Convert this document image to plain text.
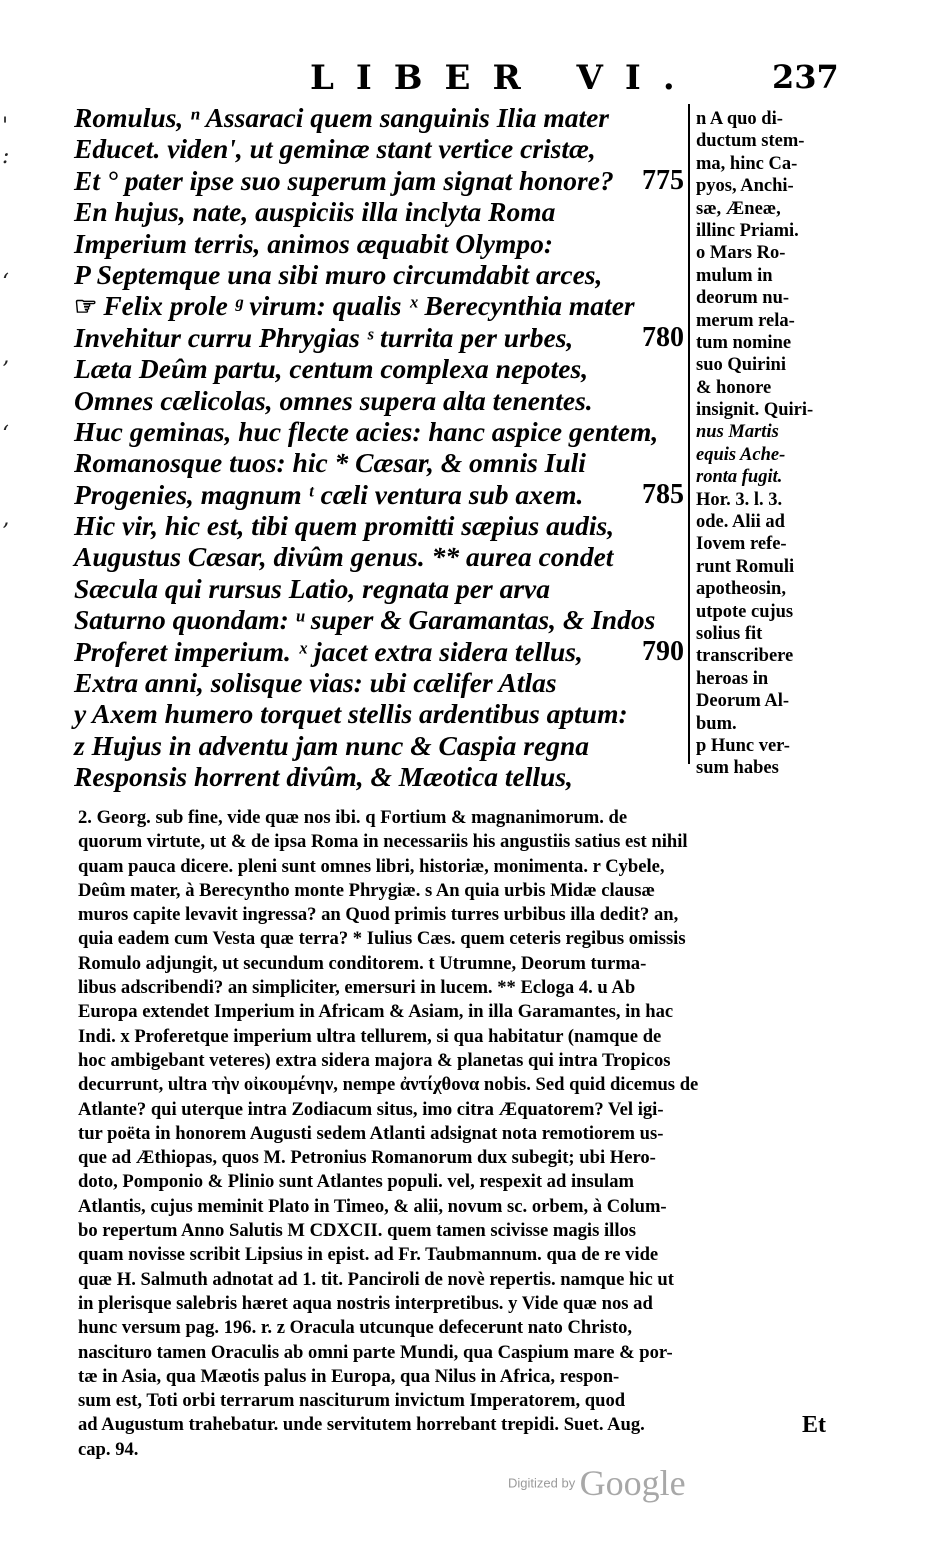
LIBER VI. 237
'
:
‘
’
‘
’
Romulus, ⁿ Assaraci quem sanguinis Ilia mater
Educet. viden', ut geminæ stant vertice cristæ,
Et ° pater ipse suo superum jam signat honore? 775
En hujus, nate, auspiciis illa inclyta Roma
Imperium terris, animos æquabit Olympo:
P Septemque una sibi muro circumdabit arces,
☞ Felix prole ᵍ virum: qualis ˣ Berecynthia mater
Invehitur curru Phrygias ˢ turrita per urbes, 780
Læta Deûm partu, centum complexa nepotes,
Omnes cælicolas, omnes supera alta tenentes.
Huc geminas, huc flecte acies: hanc aspice gentem,
Romanosque tuos: hic * Cæsar, & omnis Iuli
Progenies, magnum ᵗ cæli ventura sub axem. 785
Hic vir, hic est, tibi quem promitti sæpius audis,
Augustus Cæsar, divûm genus. ** aurea condet
Sæcula qui rursus Latio, regnata per arva
Saturno quondam: ᵘ super & Garamantas, & Indos
Proferet imperium. ˣ jacet extra sidera tellus, 790
Extra anni, solisque vias: ubi cælifer Atlas
y Axem humero torquet stellis ardentibus aptum:
z Hujus in adventu jam nunc & Caspia regna
Responsis horrent divûm, & Mæotica tellus,
n A quo di-
ductum stem-
ma, hinc Ca-
pyos, Anchi-
sæ, Æneæ,
illinc Priami.
o Mars Ro-
mulum in
deorum nu-
merum rela-
tum nomine
suo Quirini
& honore
insignit. Quiri-
nus Martis
equis Ache-
ronta fugit.
Hor. 3. l. 3.
ode. Alii ad
Iovem refe-
runt Romuli
apotheosin,
utpote cujus
solius fit
transcribere
heroas in
Deorum Al-
bum.
p Hunc ver-
sum habes
2. Georg. sub fine, vide quæ nos ibi. q Fortium & magnanimorum. de
quorum virtute, ut & de ipsa Roma in necessariis his angustiis satius est nihil
quam pauca dicere. pleni sunt omnes libri, historiæ, monimenta. r Cybele,
Deûm mater, à Berecyntho monte Phrygiæ. s An quia urbis Midæ clausæ
muros capite levavit ingressa? an Quod primis turres urbibus illa dedit? an,
quia eadem cum Vesta quæ terra? * Iulius Cæs. quem ceteris regibus omissis
Romulo adjungit, ut secundum conditorem. t Utrumne, Deorum turma-
libus adscribendi? an simpliciter, emersuri in lucem. ** Ecloga 4. u Ab
Europa extendet Imperium in Africam & Asiam, in illa Garamantes, in hac
Indi. x Proferetque imperium ultra tellurem, si qua habitatur (namque de
hoc ambigebant veteres) extra sidera majora & planetas qui intra Tropicos
decurrunt, ultra τὴν οἰκουμένην, nempe ἀντίχθονα nobis. Sed quid dicemus de
Atlante? qui uterque intra Zodiacum situs, imo citra Æquatorem? Vel igi-
tur poëta in honorem Augusti sedem Atlanti adsignat nota remotiorem us-
que ad Æthiopas, quos M. Petronius Romanorum dux subegit; ubi Hero-
doto, Pomponio & Plinio sunt Atlantes populi. vel, respexit ad insulam
Atlantis, cujus meminit Plato in Timeo, & alii, novum sc. orbem, à Colum-
bo repertum Anno Salutis M CDXCII. quem tamen scivisse magis illos
quam novisse scribit Lipsius in epist. ad Fr. Taubmannum. qua de re vide
quæ H. Salmuth adnotat ad 1. tit. Panciroli de novè repertis. namque hic ut
in plerisque salebris hæret aqua nostris interpretibus. y Vide quæ nos ad
hunc versum pag. 196. r. z Oracula utcunque defecerunt nato Christo,
nascituro tamen Oraculis ab omni parte Mundi, qua Caspium mare & por-
tæ in Asia, qua Mæotis palus in Europa, qua Nilus in Africa, respon-
sum est, Toti orbi terrarum nasciturum invictum Imperatorem, quod
ad Augustum trahebatur. unde servitutem horrebant trepidi. Suet. Aug.
cap. 94.
Et
Digitized by Google
